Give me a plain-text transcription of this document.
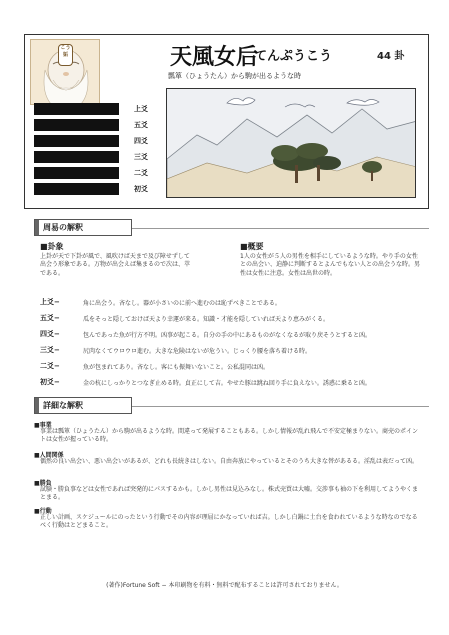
こう 姤	天風女后
てんぷうこう	44 卦
瓢箪（ひょうたん）から駒が出るような時
上爻
五爻
四爻
三爻
二爻
初爻
周易の解釈
■卦象
上卦が天で下卦が風で、風吹けば天まで及び障せずして出会う形象である。万物が出会えば集まるので次は、萃である。
■概要
1人の女性が５人の男性を相手にしているような時。やり手の女性との出会い、迫静に判断するとよんでもない人との出会うな時。男性は女性に注意。女性は出世の時。
上爻−	角に出会う。吝なし。器が小さいのに前へ進むのは恥ずべきことである。
五爻−	瓜をそっと隠しておけば天より幸運が来る。知識・才能を隠していれば天より恵みがくる。
四爻−	包んであった魚が行方不明。凶事が起こる。自分の手の中にあるものがなくなるが取り戻そうとすると凶。
三爻−	尻肉なくてウロウロ進む。大きな危険はないが危うい。じっくり腰を落ち着ける時。
二爻−	魚が包まれてあり。吝なし。客にも振舞いないこと。公私混同は凶。
初爻−	金の杭にしっかりとつなぎ止める時。貞正にして吉。やせた豚は跳ね回り手に負えない。誘惑に乗ると凶。
詳細な解釈
■事業
事業は瓢箪（ひょうたん）から駒が出るような時。間違って発展することもある。しかし情報が乱れ飛んで不安定極まりない。商売のポイントは女性が握っている時。
■人間関係
偶然の良い出会い、悪い出会いがあるが、どれも長続きはしない。自由奔放にやっているとそのうち大きな替があるる。淫乱は表だって凶。
■勝負
試験・勝負事などは女性であれば突発的にパスするかも。しかし男性は見込みなし。株式売買は大嘘。交渉事も袖の下を利用してようやくまとまる。
■行動
正しい計画、スケジュールにのったという行動でその内容が理屈にかなっていれば吉。しかし白鍋に土台を食われているような時なのでなるべく行動はとどまること。
(著作)Fortune Soft − 本印刷物を有料・無料で配布することは許可されておりません。
